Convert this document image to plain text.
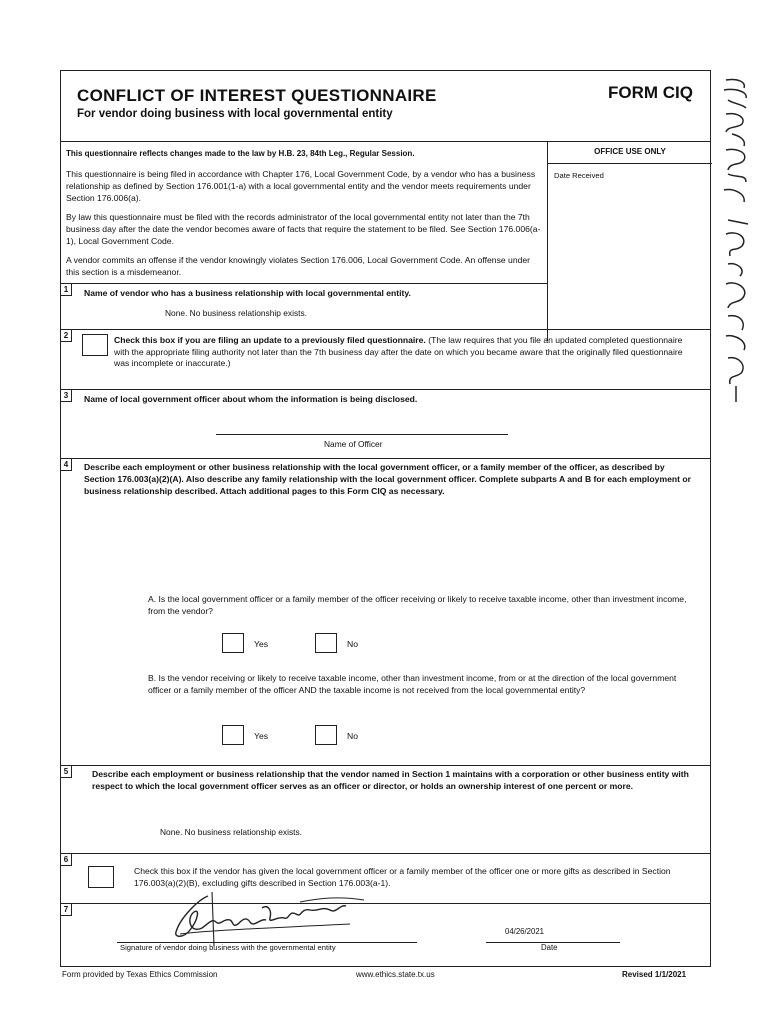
CONFLICT OF INTEREST QUESTIONNAIRE
For vendor doing business with local governmental entity
FORM CIQ
This questionnaire reflects changes made to the law by H.B. 23, 84th Leg., Regular Session.
This questionnaire is being filed in accordance with Chapter 176, Local Government Code, by a vendor who has a business relationship as defined by Section 176.001(1-a) with a local governmental entity and the vendor meets requirements under Section 176.006(a).
By law this questionnaire must be filed with the records administrator of the local governmental entity not later than the 7th business day after the date the vendor becomes aware of facts that require the statement to be filed. See Section 176.006(a-1), Local Government Code.
A vendor commits an offense if the vendor knowingly violates Section 176.006, Local Government Code. An offense under this section is a misdemeanor.
OFFICE USE ONLY
Date Received
1	Name of vendor who has a business relationship with local governmental entity.
None. No business relationship exists.
2	Check this box if you are filing an update to a previously filed questionnaire. (The law requires that you file an updated completed questionnaire with the appropriate filing authority not later than the 7th business day after the date on which you became aware that the originally filed questionnaire was incomplete or inaccurate.)
3	Name of local government officer about whom the information is being disclosed.
Name of Officer
4	Describe each employment or other business relationship with the local government officer, or a family member of the officer, as described by Section 176.003(a)(2)(A). Also describe any family relationship with the local government officer. Complete subparts A and B for each employment or business relationship described. Attach additional pages to this Form CIQ as necessary.
A. Is the local government officer or a family member of the officer receiving or likely to receive taxable income, other than investment income, from the vendor?
Yes	No
B. Is the vendor receiving or likely to receive taxable income, other than investment income, from or at the direction of the local government officer or a family member of the officer AND the taxable income is not received from the local governmental entity?
Yes	No
5	Describe each employment or business relationship that the vendor named in Section 1 maintains with a corporation or other business entity with respect to which the local government officer serves as an officer or director, or holds an ownership interest of one percent or more.
None. No business relationship exists.
6
Check this box if the vendor has given the local government officer or a family member of the officer one or more gifts as described in Section 176.003(a)(2)(B), excluding gifts described in Section 176.003(a-1).
7
Signature of vendor doing business with the governmental entity
04/26/2021
Date
Form provided by Texas Ethics Commission	www.ethics.state.tx.us	Revised 1/1/2021
